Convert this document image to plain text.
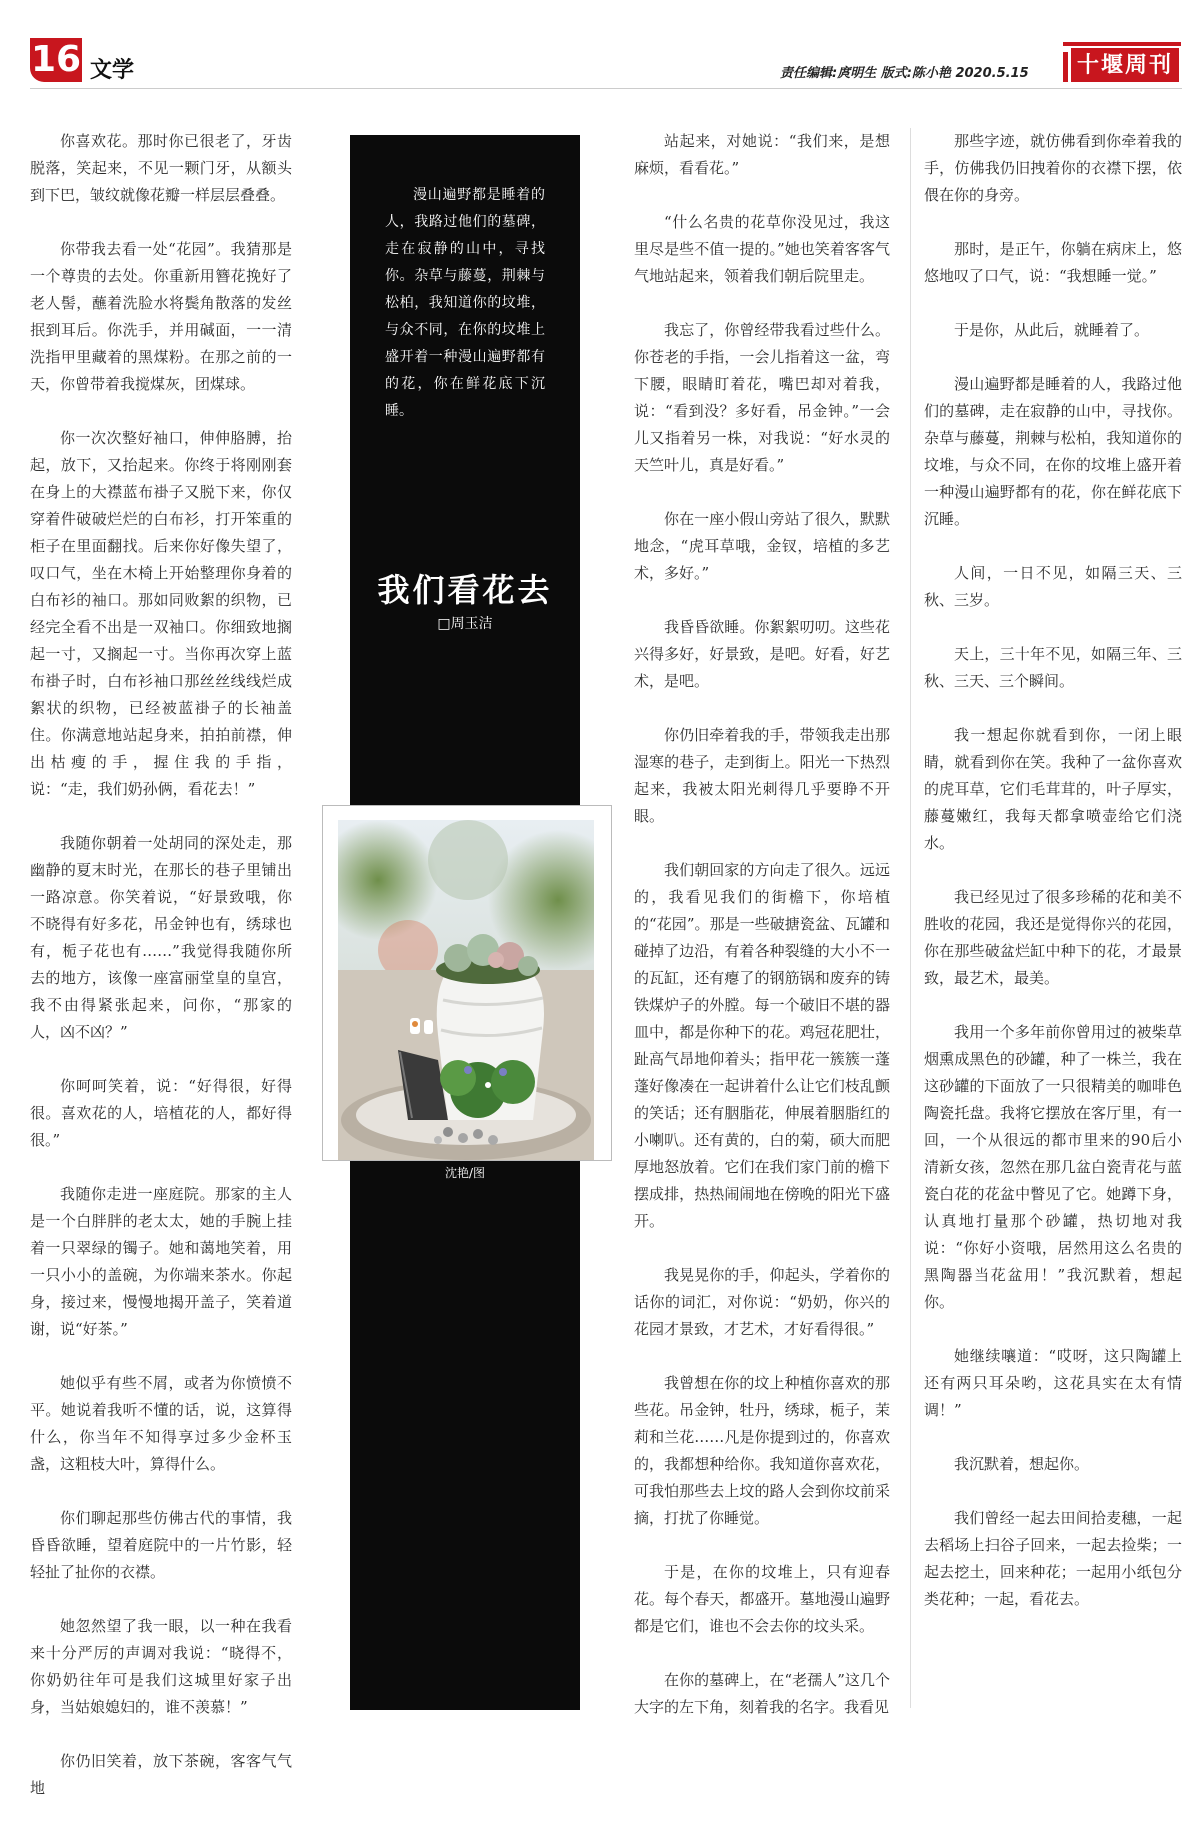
16 文学	责任编辑:庹明生 版式:陈小艳 2020.5.15 十堰周刊

你喜欢花。那时你已很老了，牙齿脱落，笑起来，不见一颗门牙，从额头到下巴，皱纹就像花瓣一样层层叠叠。

你带我去看一处“花园”。我猜那是一个尊贵的去处。你重新用簪花挽好了老人髻，蘸着洗脸水将鬓角散落的发丝抿到耳后。你洗手，并用碱面，一一清洗指甲里藏着的黑煤粉。在那之前的一天，你曾带着我搅煤灰，团煤球。

你一次次整好袖口，伸伸胳膊，抬起，放下，又抬起来。你终于将刚刚套在身上的大襟蓝布褂子又脱下来，你仅穿着件破破烂烂的白布衫，打开笨重的柜子在里面翻找。后来你好像失望了，叹口气，坐在木椅上开始整理你身着的白布衫的袖口。那如同败絮的织物，已经完全看不出是一双袖口。你细致地搁起一寸，又搁起一寸。当你再次穿上蓝布褂子时，白布衫袖口那丝丝线线烂成絮状的织物，已经被蓝褂子的长袖盖住。你满意地站起身来，拍拍前襟，伸出枯瘦的手，握住我的手指，说：“走，我们奶孙俩，看花去！”

我随你朝着一处胡同的深处走，那幽静的夏末时光，在那长的巷子里铺出一路凉意。你笑着说，“好景致哦，你不晓得有好多花，吊金钟也有，绣球也有，栀子花也有……”我觉得我随你所去的地方，该像一座富丽堂皇的皇宫，我不由得紧张起来，问你，“那家的人，凶不凶？”

你呵呵笑着，说：“好得很，好得很。喜欢花的人，培植花的人，都好得很。”

我随你走进一座庭院。那家的主人是一个白胖胖的老太太，她的手腕上挂着一只翠绿的镯子。她和蔼地笑着，用一只小小的盖碗，为你端来茶水。你起身，接过来，慢慢地揭开盖子，笑着道谢，说“好茶。”

她似乎有些不屑，或者为你愤愤不平。她说着我听不懂的话，说，这算得什么，你当年不知得享过多少金杯玉盏，这粗枝大叶，算得什么。

你们聊起那些仿佛古代的事情，我昏昏欲睡，望着庭院中的一片竹影，轻轻扯了扯你的衣襟。

她忽然望了我一眼，以一种在我看来十分严厉的声调对我说：“晓得不，你奶奶往年可是我们这城里好家子出身，当姑娘媳妇的，谁不羡慕！”

你仍旧笑着，放下茶碗，客客气气地

站起来，对她说：“我们来，是想麻烦，看看花。”

“什么名贵的花草你没见过，我这里尽是些不值一提的。”她也笑着客客气气地站起来，领着我们朝后院里走。

我忘了，你曾经带我看过些什么。你苍老的手指，一会儿指着这一盆，弯下腰，眼睛盯着花，嘴巴却对着我，说：“看到没？多好看，吊金钟。”一会儿又指着另一株，对我说：“好水灵的天竺叶儿，真是好看。”

你在一座小假山旁站了很久，默默地念，“虎耳草哦，金钗，培植的多艺术，多好。”

我昏昏欲睡。你絮絮叨叨。这些花兴得多好，好景致，是吧。好看，好艺术，是吧。

你仍旧牵着我的手，带领我走出那湿寒的巷子，走到街上。阳光一下热烈起来，我被太阳光刺得几乎要睁不开眼。

我们朝回家的方向走了很久。远远的，我看见我们的街檐下，你培植的“花园”。那是一些破搪瓷盆、瓦罐和碰掉了边沿，有着各种裂缝的大小不一的瓦缸，还有瘪了的钢筋锅和废弃的铸铁煤炉子的外膛。每一个破旧不堪的器皿中，都是你种下的花。鸡冠花肥壮，趾高气昂地仰着头；指甲花一簇簇一蓬蓬好像凑在一起讲着什么让它们枝乱颤的笑话；还有胭脂花，伸展着胭脂红的小喇叭。还有黄的，白的菊，硕大而肥厚地怒放着。它们在我们家门前的檐下摆成排，热热闹闹地在傍晚的阳光下盛开。

我晃晃你的手，仰起头，学着你的话你的词汇，对你说：“奶奶，你兴的花园才景致，才艺术，才好看得很。”

我曾想在你的坟上种植你喜欢的那些花。吊金钟，牡丹，绣球，栀子，茉莉和兰花……凡是你提到过的，你喜欢的，我都想种给你。我知道你喜欢花，可我怕那些去上坟的路人会到你坟前采摘，打扰了你睡觉。

于是，在你的坟堆上，只有迎春花。每个春天，都盛开。墓地漫山遍野都是它们，谁也不会去你的坟头采。

在你的墓碑上，在“老孺人”这几个大字的左下角，刻着我的名字。我看见

那些字迹，就仿佛看到你牵着我的手，仿佛我仍旧拽着你的衣襟下摆，依偎在你的身旁。

那时，是正午，你躺在病床上，悠悠地叹了口气，说：“我想睡一觉。”

于是你，从此后，就睡着了。

漫山遍野都是睡着的人，我路过他们的墓碑，走在寂静的山中，寻找你。杂草与藤蔓，荆棘与松柏，我知道你的坟堆，与众不同，在你的坟堆上盛开着一种漫山遍野都有的花，你在鲜花底下沉睡。

人间，一日不见，如隔三天、三秋、三岁。

天上，三十年不见，如隔三年、三秋、三天、三个瞬间。

我一想起你就看到你，一闭上眼睛，就看到你在笑。我种了一盆你喜欢的虎耳草，它们毛茸茸的，叶子厚实，藤蔓嫩红，我每天都拿喷壶给它们浇水。

我已经见过了很多珍稀的花和美不胜收的花园，我还是觉得你兴的花园，你在那些破盆烂缸中种下的花，才最景致，最艺术，最美。

我用一个多年前你曾用过的被柴草烟熏成黑色的砂罐，种了一株兰，我在这砂罐的下面放了一只很精美的咖啡色陶瓷托盘。我将它摆放在客厅里，有一回，一个从很远的都市里来的90后小清新女孩，忽然在那几盆白瓷青花与蓝瓷白花的花盆中瞥见了它。她蹲下身，认真地打量那个砂罐，热切地对我说：“你好小资哦，居然用这么名贵的黑陶器当花盆用！”我沉默着，想起你。

她继续嚷道：“哎呀，这只陶罐上还有两只耳朵哟，这花具实在太有情调！”

我沉默着，想起你。

我们曾经一起去田间拾麦穗，一起去稻场上扫谷子回来，一起去捡柴；一起去挖土，回来种花；一起用小纸包分类花种；一起，看花去。

漫山遍野都是睡着的人，我路过他们的墓碑，走在寂静的山中，寻找你。杂草与藤蔓，荆棘与松柏，我知道你的坟堆，与众不同，在你的坟堆上盛开着一种漫山遍野都有的花，你在鲜花底下沉睡。
我们看花去
□周玉洁
沈艳/图
